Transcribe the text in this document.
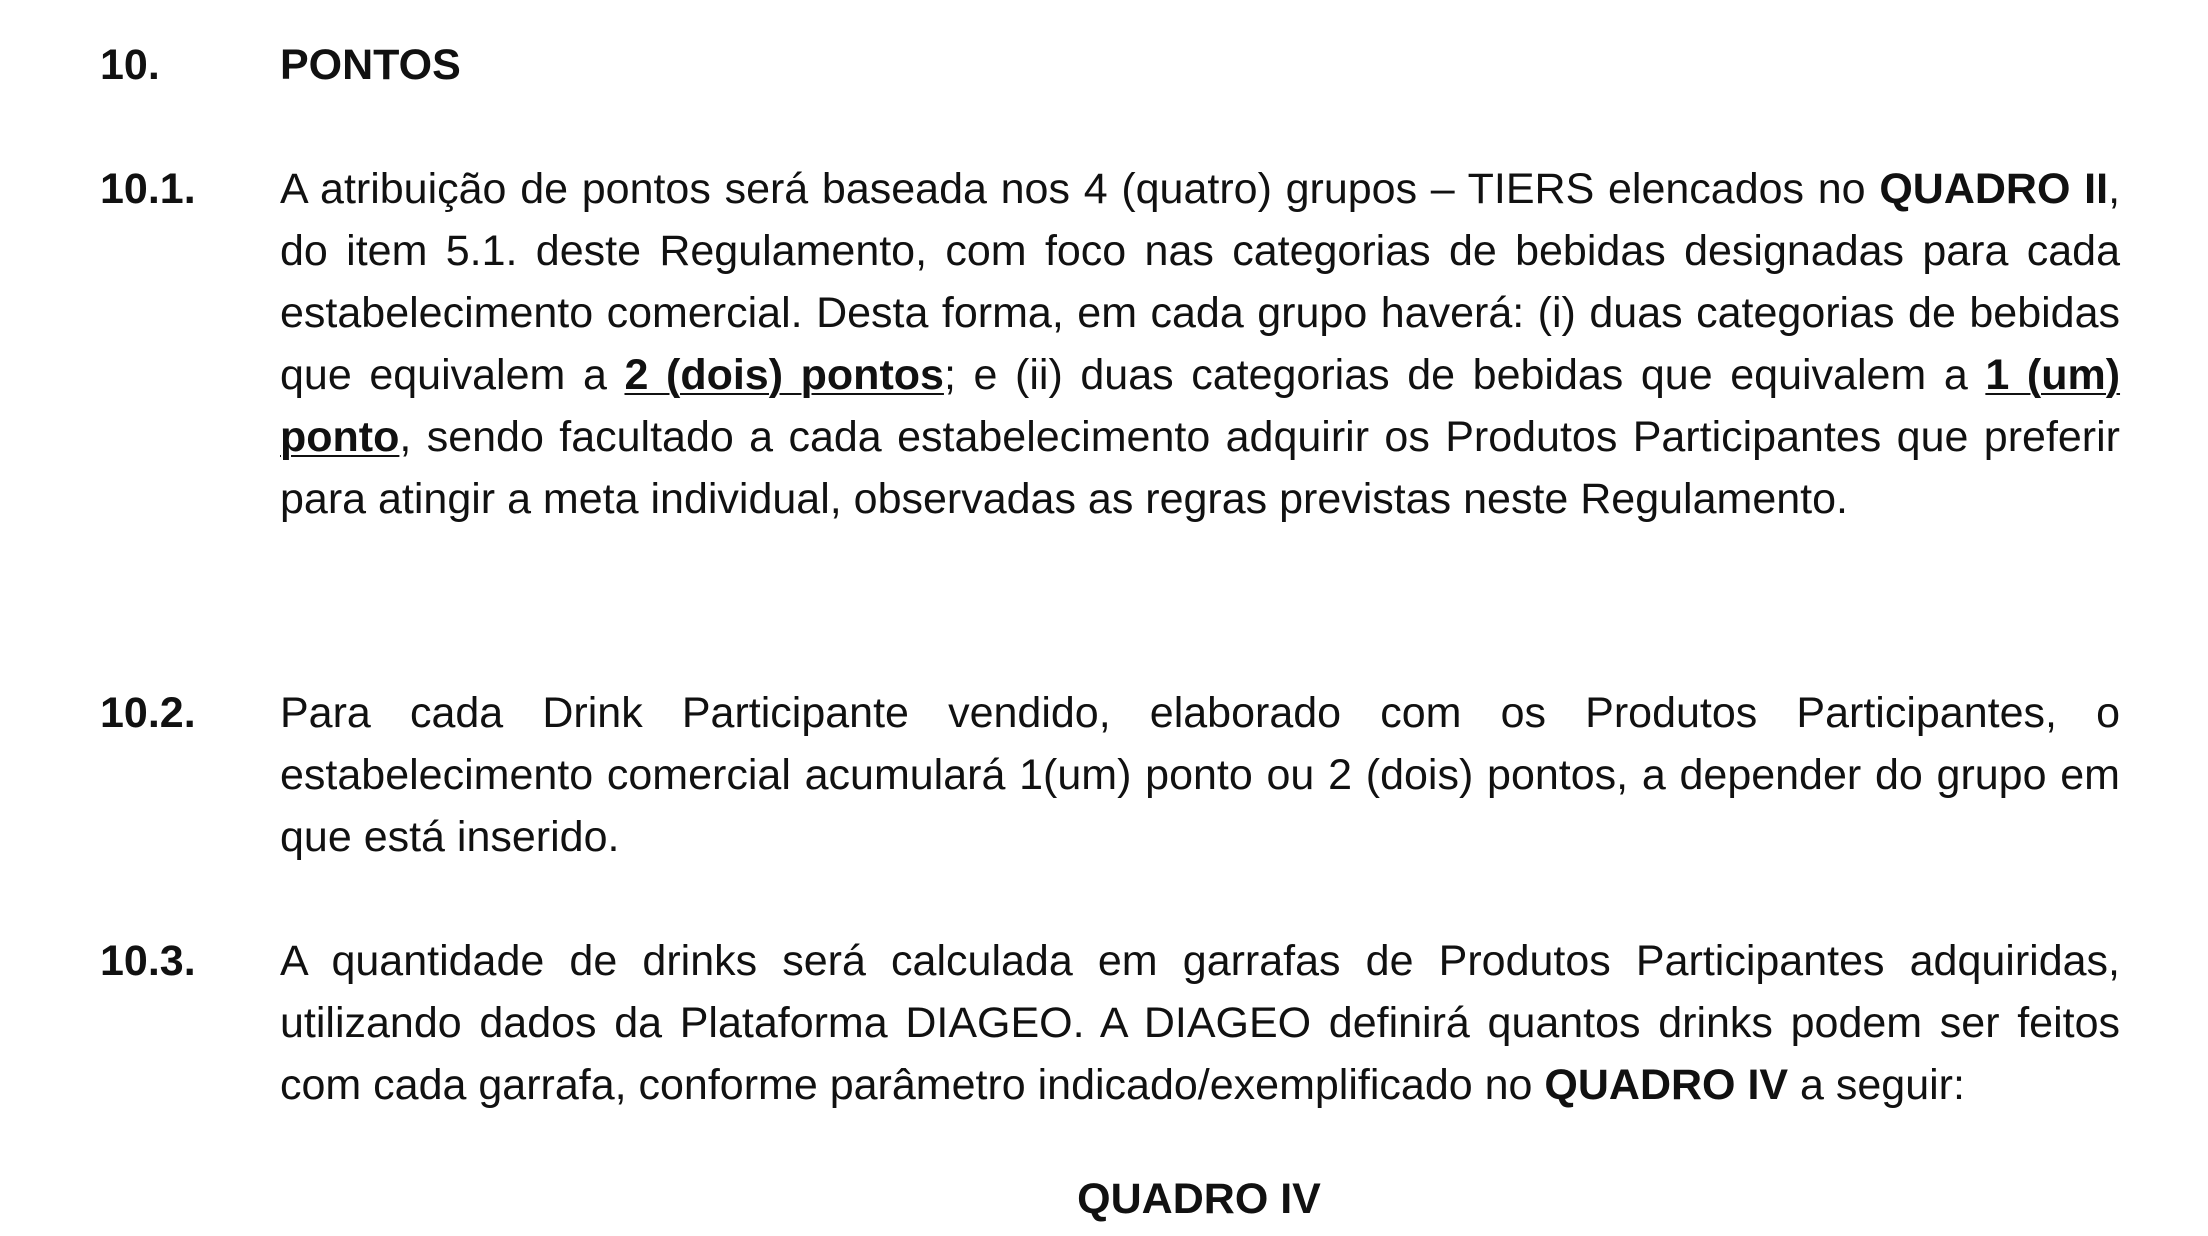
10.	PONTOS
10.1.	A atribuição de pontos será baseada nos 4 (quatro) grupos – TIERS elencados no QUADRO II, do item 5.1. deste Regulamento, com foco nas categorias de bebidas designadas para cada estabelecimento comercial. Desta forma, em cada grupo haverá: (i) duas categorias de bebidas que equivalem a 2 (dois) pontos; e (ii) duas categorias de bebidas que equivalem a 1 (um) ponto, sendo facultado a cada estabelecimento adquirir os Produtos Participantes que preferir para atingir a meta individual, observadas as regras previstas neste Regulamento.
10.2.	Para cada Drink Participante vendido, elaborado com os Produtos Participantes, o estabelecimento comercial acumulará 1(um) ponto ou 2 (dois) pontos, a depender do grupo em que está inserido.
10.3.	A quantidade de drinks será calculada em garrafas de Produtos Participantes adquiridas, utilizando dados da Plataforma DIAGEO. A DIAGEO definirá quantos drinks podem ser feitos com cada garrafa, conforme parâmetro indicado/exemplificado no QUADRO IV a seguir:
QUADRO IV
